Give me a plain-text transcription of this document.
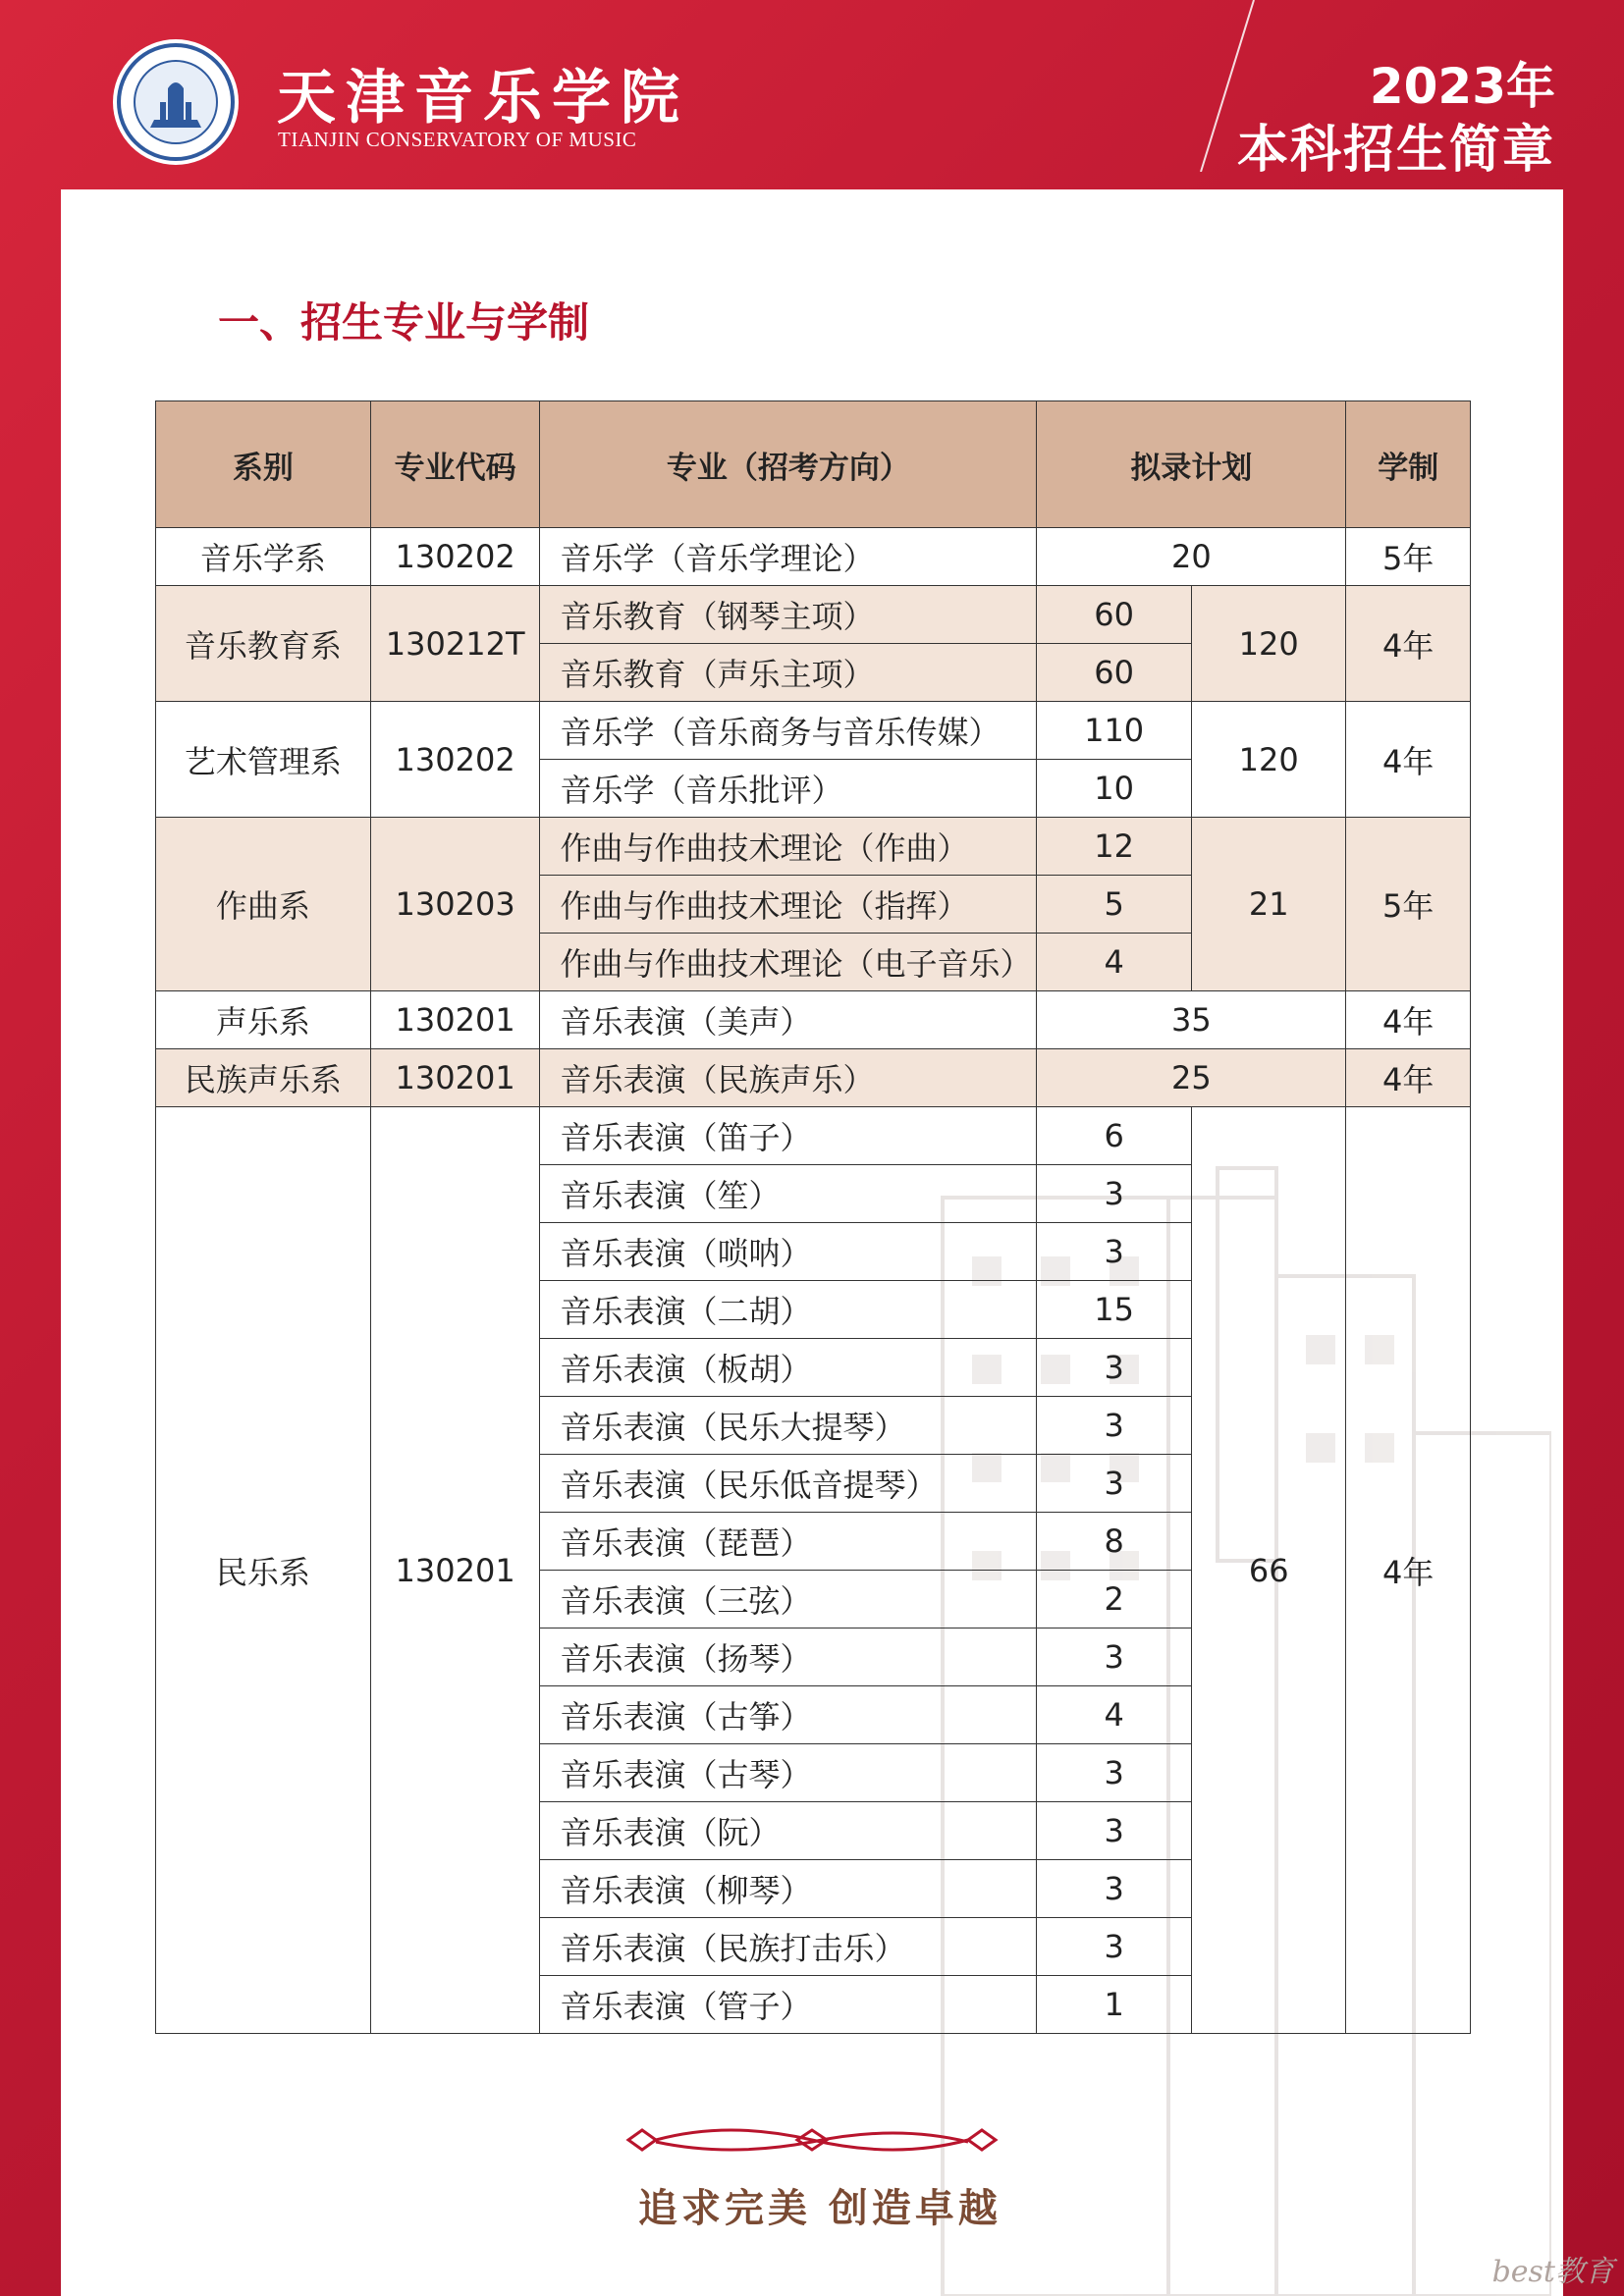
天津音乐学院
TIANJIN CONSERVATORY OF MUSIC
2023年
本科招生简章
一、招生专业与学制
系别	专业代码	专业（招考方向）	拟录计划		学制
音乐学系	130202	音乐学（音乐学理论）	20		5年
音乐教育系	130212T	音乐教育（钢琴主项）	60	120	4年
		音乐教育（声乐主项）	60		
艺术管理系	130202	音乐学（音乐商务与音乐传媒）	110	120	4年
		音乐学（音乐批评）	10		
作曲系	130203	作曲与作曲技术理论（作曲）	12	21	5年
		作曲与作曲技术理论（指挥）	5		
		作曲与作曲技术理论（电子音乐）	4		
声乐系	130201	音乐表演（美声）	35		4年
民族声乐系	130201	音乐表演（民族声乐）	25		4年
民乐系	130201	音乐表演（笛子）	6	66	4年
		音乐表演（笙）	3		
		音乐表演（唢呐）	3		
		音乐表演（二胡）	15		
		音乐表演（板胡）	3		
		音乐表演（民乐大提琴）	3		
		音乐表演（民乐低音提琴）	3		
		音乐表演（琵琶）	8		
		音乐表演（三弦）	2		
		音乐表演（扬琴）	3		
		音乐表演（古筝）	4		
		音乐表演（古琴）	3		
		音乐表演（阮）	3		
		音乐表演（柳琴）	3		
		音乐表演（民族打击乐）	3		
		音乐表演（管子）	1		
追求完美 创造卓越
best教育
